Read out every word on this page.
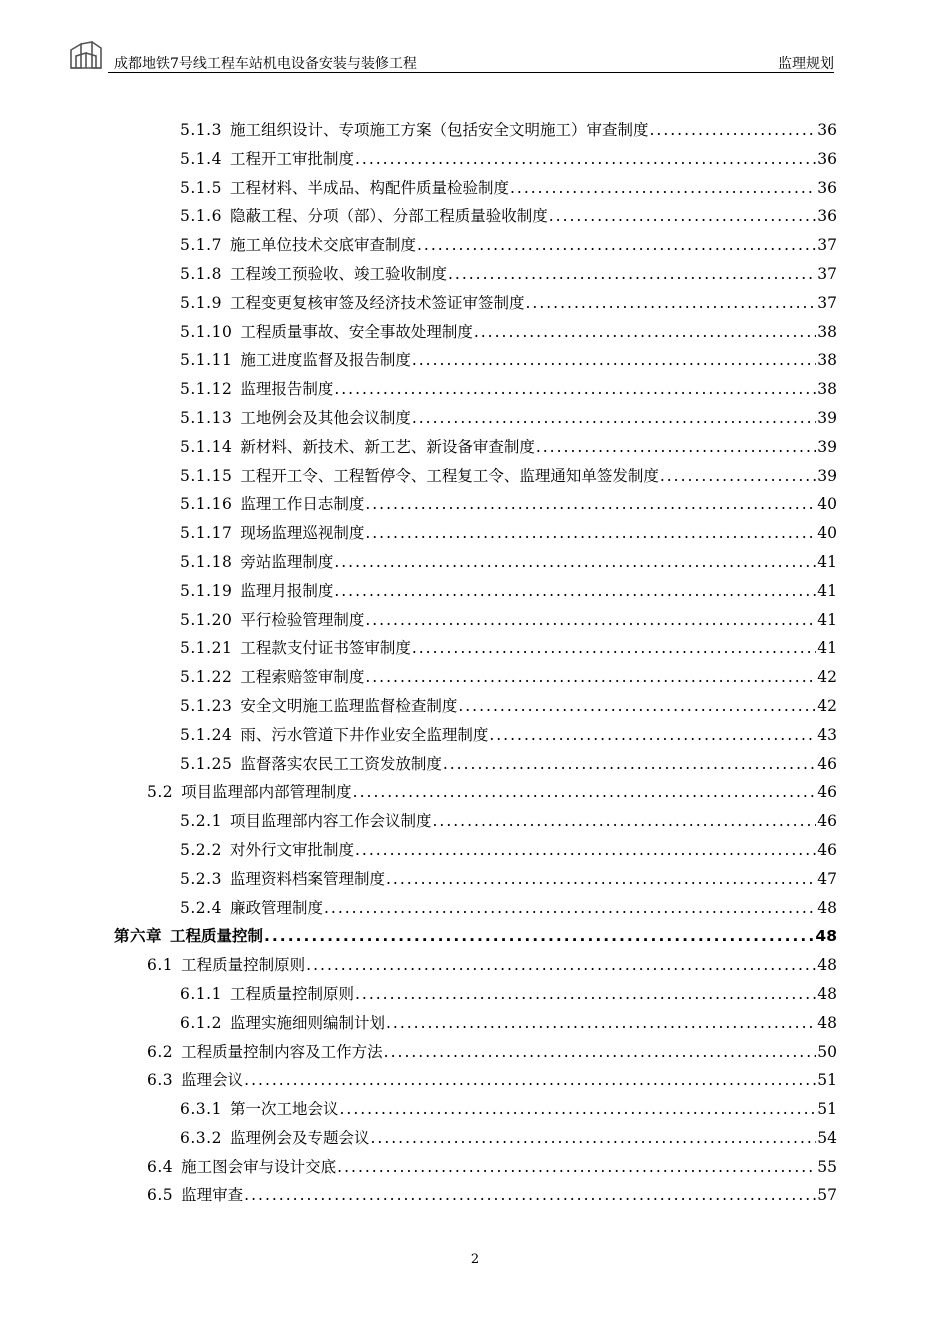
成都地铁7号线工程车站机电设备安装与装修工程	监理规划
5.1.3 施工组织设计、专项施工方案（包括安全文明施工）审查制度 .....	36
5.1.4 工程开工审批制度 .....	36
5.1.5 工程材料、半成品、构配件质量检验制度 .....	36
5.1.6 隐蔽工程、分项（部）、分部工程质量验收制度 .....	36
5.1.7 施工单位技术交底审查制度 .....	37
5.1.8 工程竣工预验收、竣工验收制度 .....	37
5.1.9 工程变更复核审签及经济技术签证审签制度 .....	37
5.1.10 工程质量事故、安全事故处理制度 .....	38
5.1.11 施工进度监督及报告制度 .....	38
5.1.12 监理报告制度 .....	38
5.1.13 工地例会及其他会议制度 .....	39
5.1.14 新材料、新技术、新工艺、新设备审查制度 .....	39
5.1.15 工程开工令、工程暂停令、工程复工令、监理通知单签发制度 .....	39
5.1.16 监理工作日志制度 .....	40
5.1.17 现场监理巡视制度 .....	40
5.1.18 旁站监理制度 .....	41
5.1.19 监理月报制度 .....	41
5.1.20 平行检验管理制度 .....	41
5.1.21 工程款支付证书签审制度 .....	41
5.1.22 工程索赔签审制度 .....	42
5.1.23 安全文明施工监理监督检查制度 .....	42
5.1.24 雨、污水管道下井作业安全监理制度 .....	43
5.1.25 监督落实农民工工资发放制度 .....	46
5.2 项目监理部内部管理制度 .....	46
5.2.1 项目监理部内容工作会议制度 .....	46
5.2.2 对外行文审批制度 .....	46
5.2.3 监理资料档案管理制度 .....	47
5.2.4 廉政管理制度 .....	48
第六章 工程质量控制 .....	48
6.1 工程质量控制原则 .....	48
6.1.1 工程质量控制原则 .....	48
6.1.2 监理实施细则编制计划 .....	48
6.2 工程质量控制内容及工作方法 .....	50
6.3 监理会议 .....	51
6.3.1 第一次工地会议 .....	51
6.3.2 监理例会及专题会议 .....	54
6.4 施工图会审与设计交底 .....	55
6.5 监理审查 .....	57
2
